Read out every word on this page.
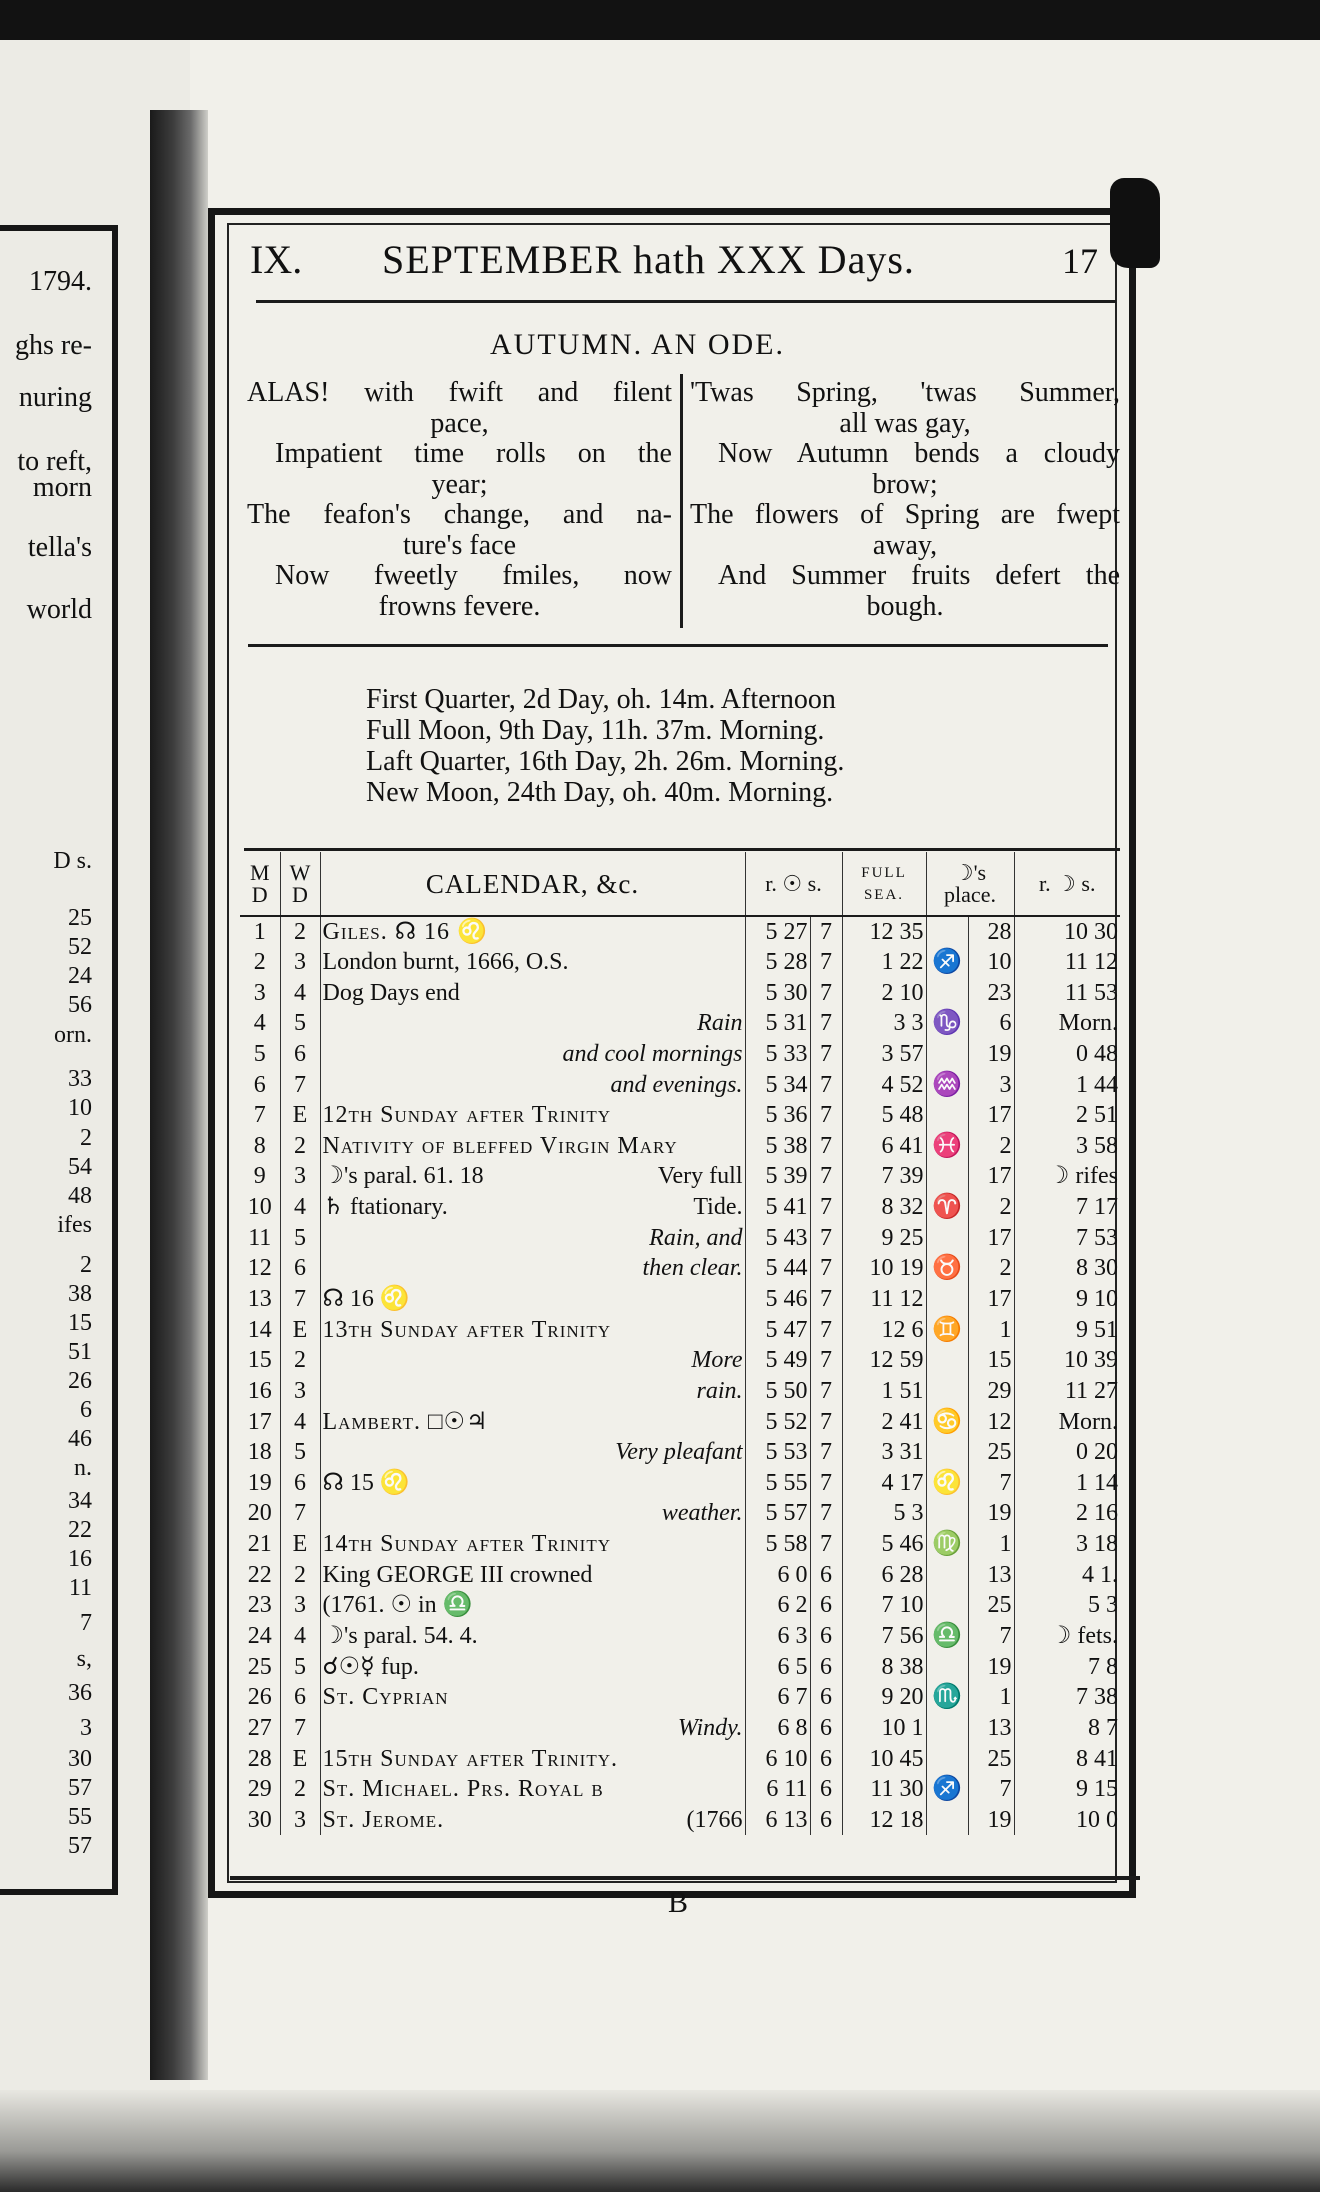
1794.
ghs re-
nuring
to reft,
morn
tella's
world
D s.
25
52
24
56
orn.
33
10
2
54
48
ifes
2
38
15
51
26
6
46
n.
34
22
16
11
7
s,
36
3
30
57
55
57
IX. SEPTEMBER hath XXX Days.	17
AUTUMN. AN ODE.
ALAS! with fwift and filent
pace,
Impatient time rolls on the
year;
The feafon's change, and na-
ture's face
Now fweetly fmiles, now
frowns fevere.
'Twas Spring, 'twas Summer,
all was gay,
Now Autumn bends a cloudy
brow;
The flowers of Spring are fwept
away,
And Summer fruits defert the
bough.
First Quarter, 2d Day, oh. 14m. Afternoon
Full Moon, 9th Day, 11h. 37m. Morning.
Laft Quarter, 16th Day, 2h. 26m. Morning.
New Moon, 24th Day, oh. 40m. Morning.
M D	W D	CALENDAR, &c.	r. ☉ s.		FULL SEA.	☽'s place.		r. ☽ s.
1	2	Giles. ☊ 16 ♌	5 27	7	12 35		28	10 30
2	3	London burnt, 1666, O.S.	5 28	7	1 22	♐	10	11 12
3	4	Dog Days end	5 30	7	2 10		23	11 53
4	5	Rain	5 31	7	3 3	♑	6	Morn.
5	6	and cool mornings	5 33	7	3 57		19	0 48
6	7	and evenings.	5 34	7	4 52	♒	3	1 44
7	E	12th Sunday after Trinity	5 36	7	5 48		17	2 51
8	2	Nativity of bleffed Virgin Mary	5 38	7	6 41	♓	2	3 58
9	3	☽'s paral. 61. 18 Very full	5 39	7	7 39		17	☽ rifes
10	4	♄ ftationary. Tide.	5 41	7	8 32	♈	2	7 17
11	5	Rain, and	5 43	7	9 25		17	7 53
12	6	then clear.	5 44	7	10 19	♉	2	8 30
13	7	☊ 16 ♌	5 46	7	11 12		17	9 10
14	E	13th Sunday after Trinity	5 47	7	12 6	♊	1	9 51
15	2	More	5 49	7	12 59		15	10 39
16	3	rain.	5 50	7	1 51		29	11 27
17	4	Lambert. □☉♃	5 52	7	2 41	♋	12	Morn.
18	5	Very pleafant	5 53	7	3 31		25	0 20
19	6	☊ 15 ♌	5 55	7	4 17	♌	7	1 14
20	7	weather.	5 57	7	5 3		19	2 16
21	E	14th Sunday after Trinity	5 58	7	5 46	♍	1	3 18
22	2	King GEORGE III crowned	6 0	6	6 28		13	4 1.
23	3	(1761. ☉ in ♎	6 2	6	7 10		25	5 3
24	4	☽'s paral. 54. 4.	6 3	6	7 56	♎	7	☽ fets.
25	5	☌☉☿ fup.	6 5	6	8 38		19	7 8
26	6	St. Cyprian	6 7	6	9 20	♏	1	7 38
27	7	Windy.	6 8	6	10 1		13	8 7
28	E	15th Sunday after Trinity.	6 10	6	10 45		25	8 41
29	2	St. Michael. Prs. Royal b	6 11	6	11 30	♐	7	9 15
30	3	St. Jerome. (1766	6 13	6	12 18		19	10 0
B
